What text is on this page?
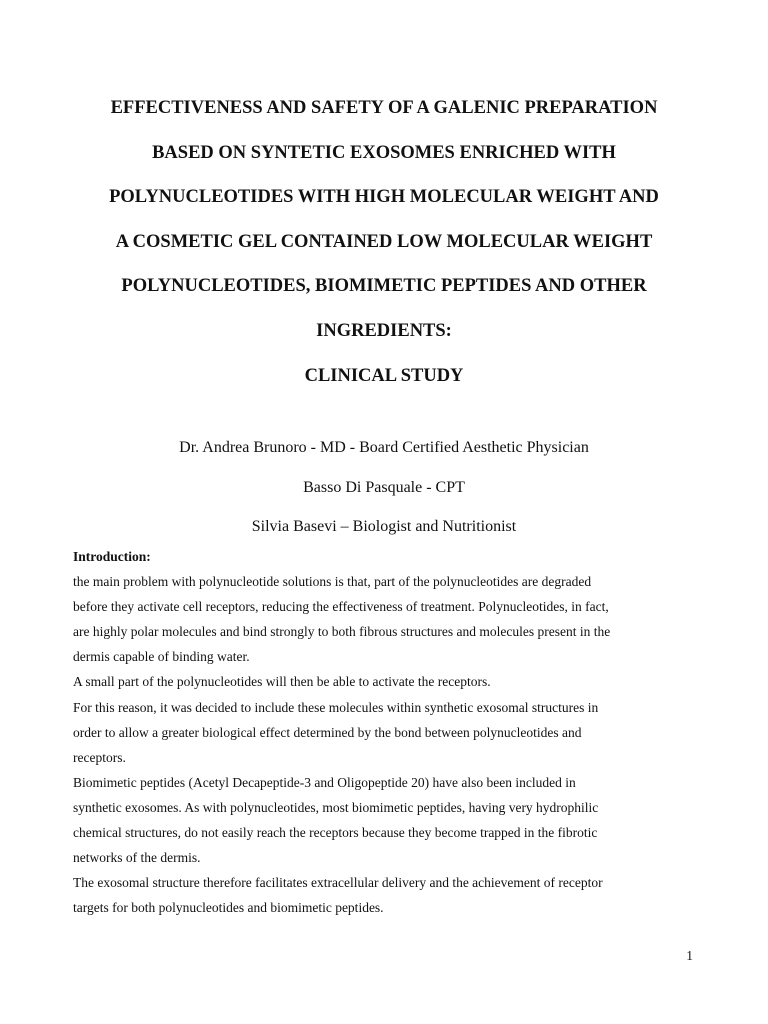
EFFECTIVENESS AND SAFETY OF A GALENIC PREPARATION

BASED ON SYNTETIC EXOSOMES ENRICHED WITH

POLYNUCLEOTIDES WITH HIGH MOLECULAR WEIGHT AND

A COSMETIC GEL CONTAINED LOW MOLECULAR WEIGHT

POLYNUCLEOTIDES, BIOMIMETIC PEPTIDES AND OTHER

INGREDIENTS:

CLINICAL STUDY

Dr. Andrea Brunoro - MD - Board Certified Aesthetic Physician

Basso Di Pasquale - CPT

Silvia Basevi – Biologist and Nutritionist

Introduction:

the main problem with polynucleotide solutions is that, part of the polynucleotides are degraded

before they activate cell receptors, reducing the effectiveness of treatment. Polynucleotides, in fact,

are highly polar molecules and bind strongly to both fibrous structures and molecules present in the

dermis capable of binding water.

A small part of the polynucleotides will then be able to activate the receptors.

For this reason, it was decided to include these molecules within synthetic exosomal structures in

order to allow a greater biological effect determined by the bond between polynucleotides and

receptors.

Biomimetic peptides (Acetyl Decapeptide-3 and Oligopeptide 20) have also been included in

synthetic exosomes. As with polynucleotides, most biomimetic peptides, having very hydrophilic

chemical structures, do not easily reach the receptors because they become trapped in the fibrotic

networks of the dermis.

The exosomal structure therefore facilitates extracellular delivery and the achievement of receptor

targets for both polynucleotides and biomimetic peptides.

1
